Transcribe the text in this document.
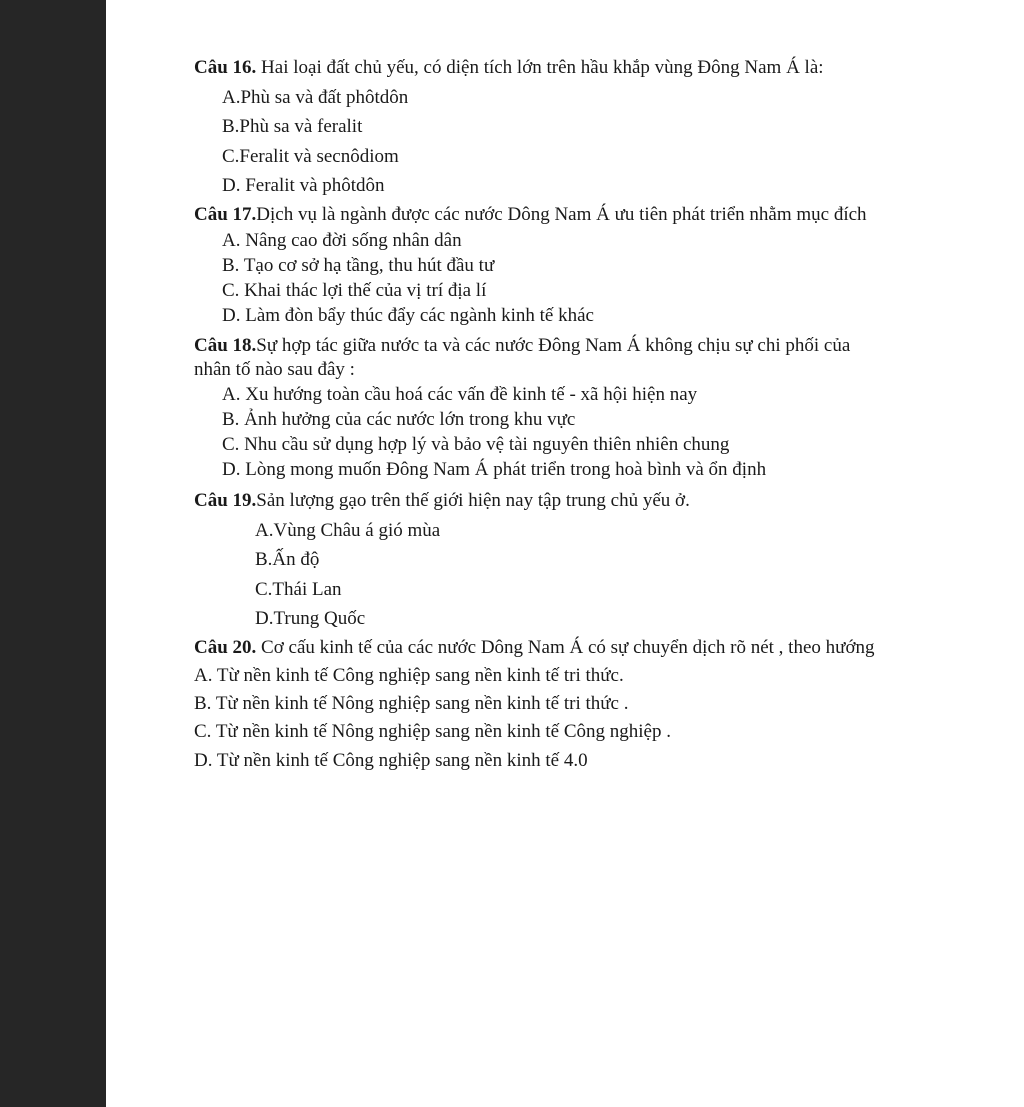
Câu 16. Hai loại đất chủ yếu, có diện tích lớn trên hầu khắp vùng Đông Nam Á là:
A.Phù sa và đất phôtdôn
B.Phù sa và feralit
C.Feralit và secnôdiom
D. Feralit và phôtdôn
Câu 17.Dịch vụ là ngành được các nước Dông Nam Á ưu tiên phát triển nhằm mục đích
A. Nâng cao đời sống nhân dân
B. Tạo cơ sở hạ tầng, thu hút đầu tư
C. Khai thác lợi thế của vị trí địa lí
D. Làm đòn bẩy thúc đẩy các ngành kinh tế khác
Câu 18.Sự hợp tác giữa nước ta và các nước Đông Nam Á không chịu sự chi phối của
nhân tố nào sau đây :
A. Xu hướng toàn cầu hoá các vấn đề kinh tế - xã hội hiện nay
B. Ảnh hưởng của các nước lớn trong khu vực
C. Nhu cầu sử dụng hợp lý và bảo vệ tài nguyên thiên nhiên chung
D. Lòng mong muốn Đông Nam Á phát triển trong hoà bình và ổn định
Câu 19.Sản lượng gạo trên thế giới hiện nay tập trung chủ yếu ở.
A.Vùng Châu á gió mùa
B.Ấn độ
C.Thái Lan
D.Trung Quốc
Câu 20. Cơ cấu kinh tế của các nước Dông Nam Á có sự chuyển dịch rõ nét , theo hướng
A. Từ nền kinh tế Công nghiệp sang nền kinh tế tri thức.
B. Từ nền kinh tế Nông nghiệp sang nền kinh tế tri thức .
C. Từ nền kinh tế Nông nghiệp sang nền kinh tế Công nghiệp .
D. Từ nền kinh tế Công nghiệp sang nền kinh tế 4.0
